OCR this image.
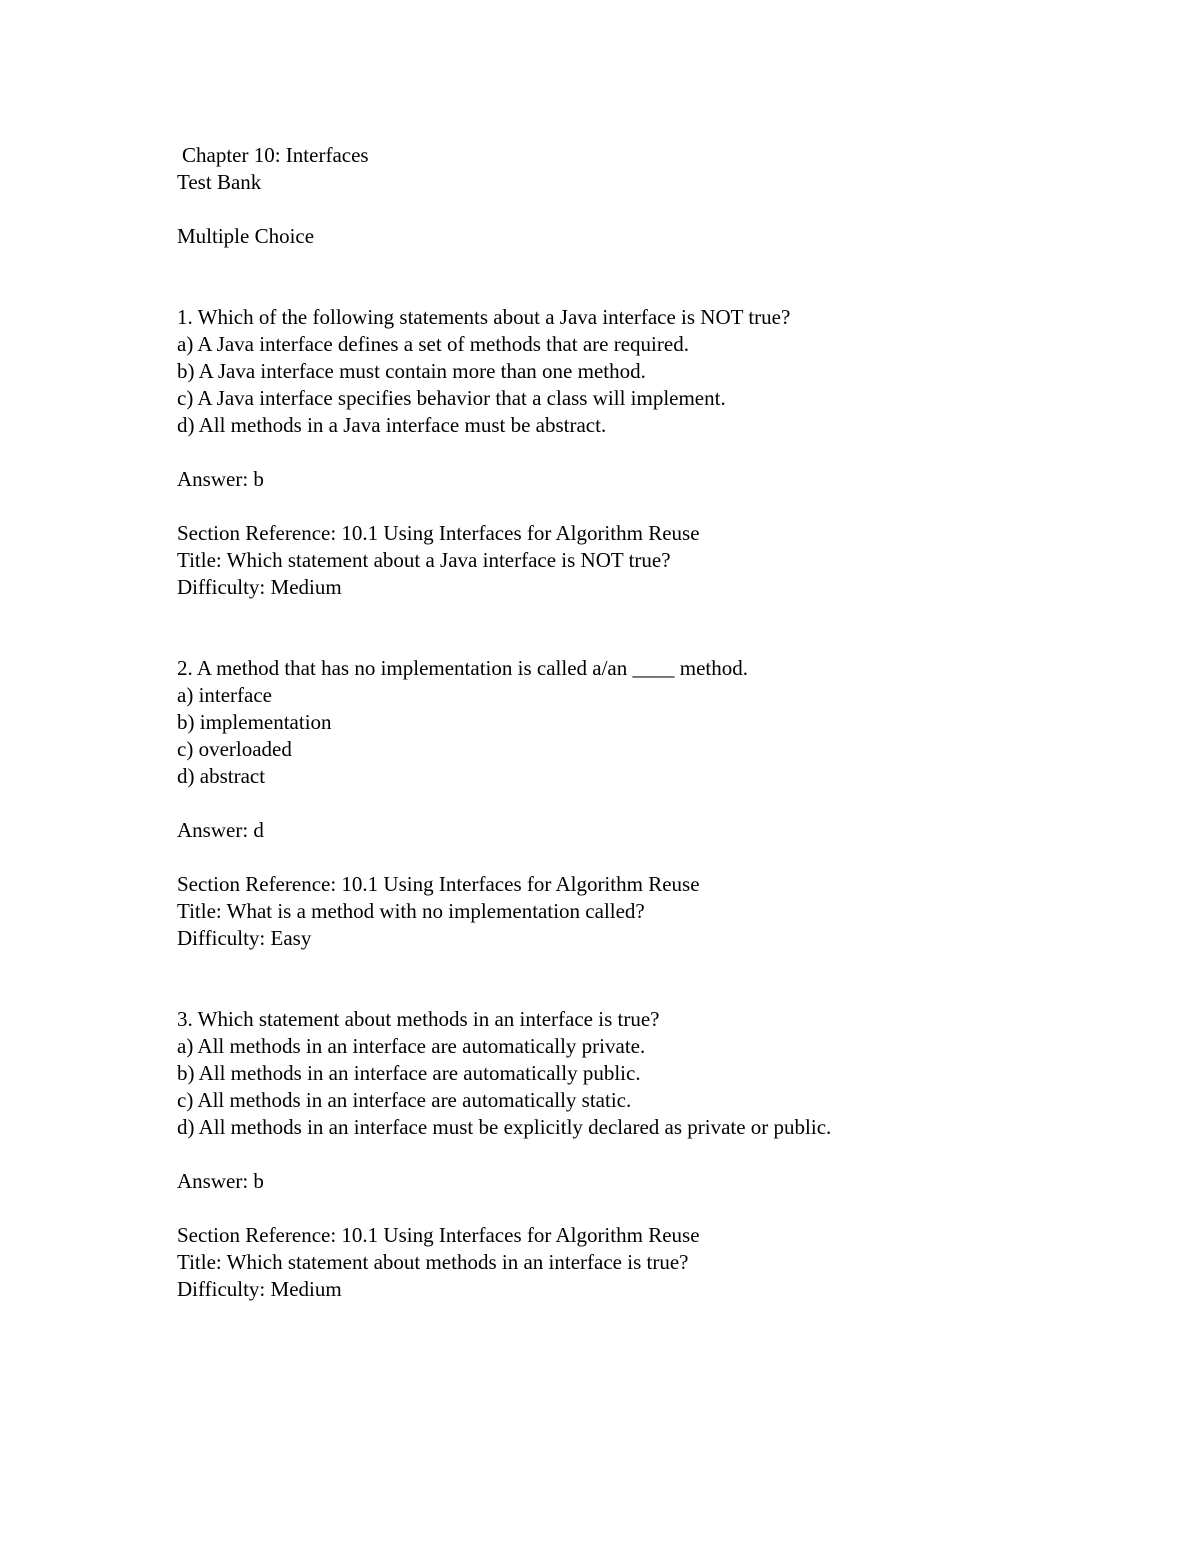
Chapter 10: Interfaces
Test Bank
Multiple Choice
1. Which of the following statements about a Java interface is NOT true?
a) A Java interface defines a set of methods that are required.
b) A Java interface must contain more than one method.
c) A Java interface specifies behavior that a class will implement.
d) All methods in a Java interface must be abstract.
Answer: b
Section Reference: 10.1 Using Interfaces for Algorithm Reuse
Title: Which statement about a Java interface is NOT true?
Difficulty: Medium
2. A method that has no implementation is called a/an ____ method.
a) interface
b) implementation
c) overloaded
d) abstract
Answer: d
Section Reference: 10.1 Using Interfaces for Algorithm Reuse
Title: What is a method with no implementation called?
Difficulty: Easy
3. Which statement about methods in an interface is true?
a) All methods in an interface are automatically private.
b) All methods in an interface are automatically public.
c) All methods in an interface are automatically static.
d) All methods in an interface must be explicitly declared as private or public.
Answer: b
Section Reference: 10.1 Using Interfaces for Algorithm Reuse
Title: Which statement about methods in an interface is true?
Difficulty: Medium
